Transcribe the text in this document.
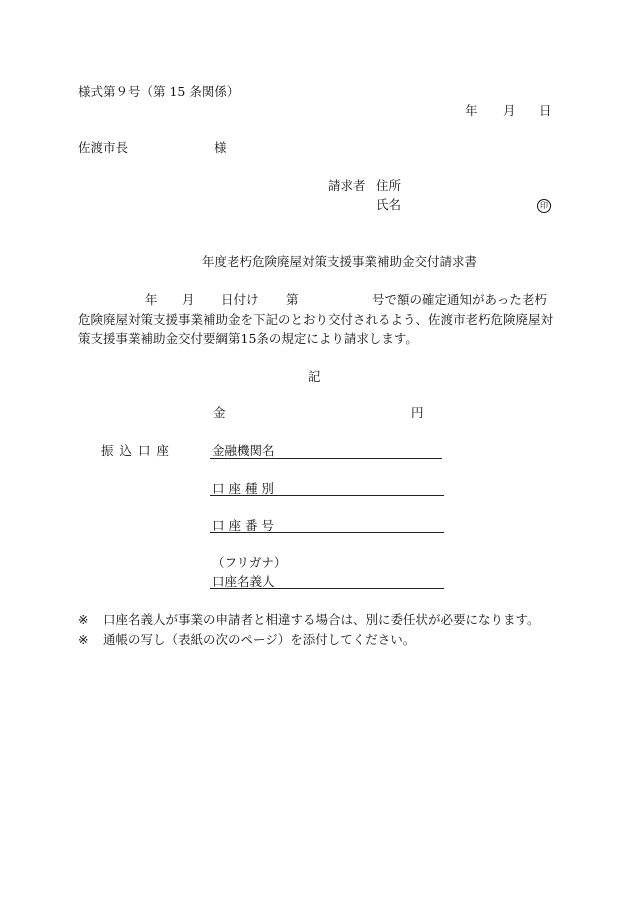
様式第９号（第 15 条関係）
年 月 日
佐渡市長	様
請求者 住所
氏名	印
年度老朽危険廃屋対策支援事業補助金交付請求書
年 月 日付け 第	号で額の確定通知があった老朽
危険廃屋対策支援事業補助金を下記のとおり交付されるよう、佐渡市老朽危険廃屋対
策支援事業補助金交付要綱第15条の規定により請求します。
記
金	円
振 込 口 座	金融機関名
口 座 種 別
口 座 番 号
（フリガナ）
口座名義人
※ 口座名義人が事業の申請者と相違する場合は、別に委任状が必要になります。
※ 通帳の写し（表紙の次のページ）を添付してください。
